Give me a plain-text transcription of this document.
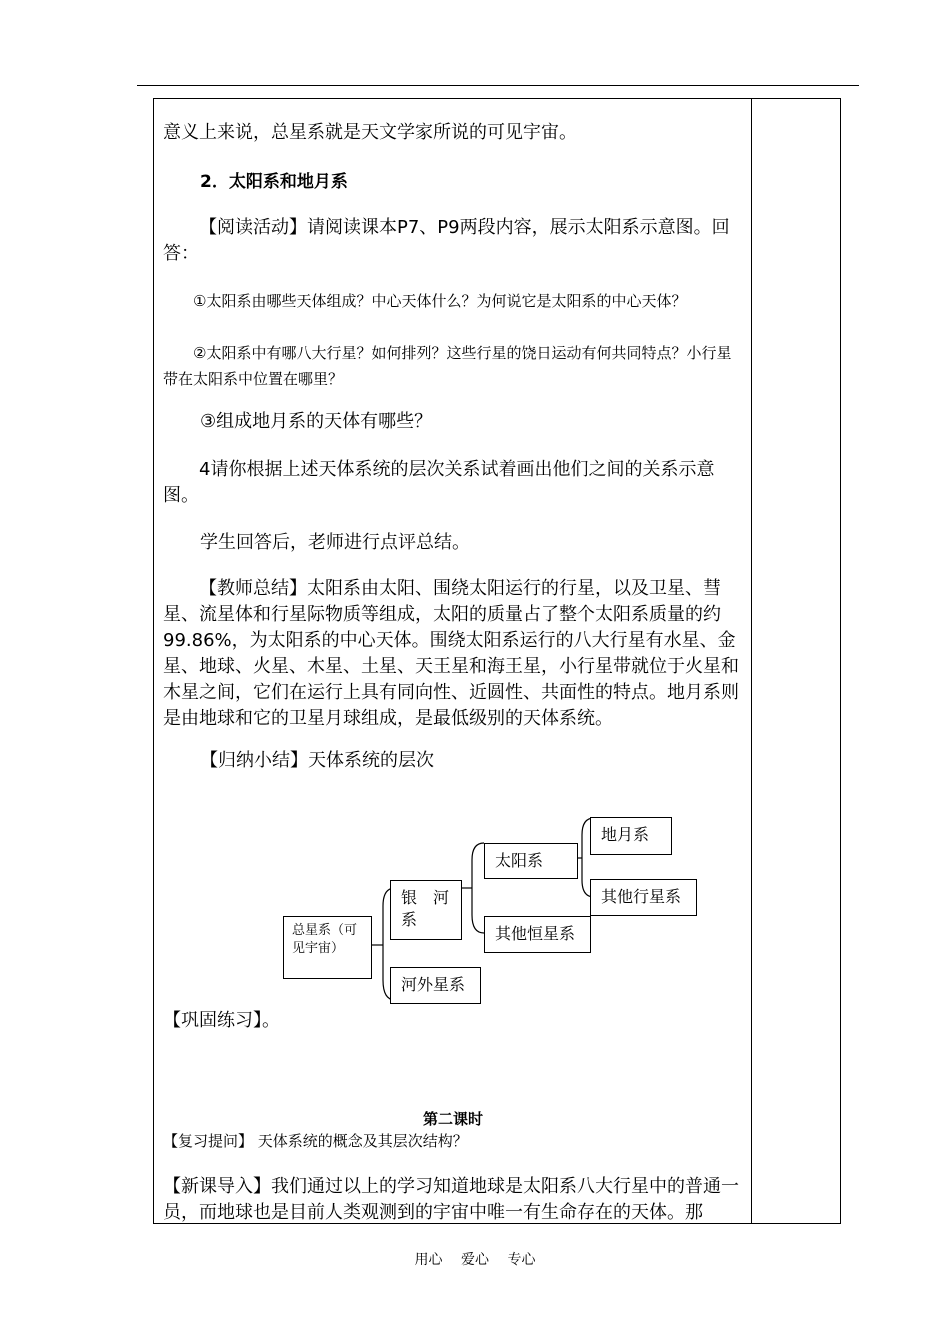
意义上来说，总星系就是天文学家所说的可见宇宙。
2．太阳系和地月系
【阅读活动】请阅读课本P7、P9两段内容，展示太阳系示意图。回答：
①太阳系由哪些天体组成？中心天体什么？为何说它是太阳系的中心天体？
②太阳系中有哪八大行星？如何排列？这些行星的饶日运动有何共同特点？小行星带在太阳系中位置在哪里？
③组成地月系的天体有哪些？
4请你根据上述天体系统的层次关系试着画出他们之间的关系示意图。
学生回答后，老师进行点评总结。
【教师总结】太阳系由太阳、围绕太阳运行的行星，以及卫星、彗星、流星体和行星际物质等组成，太阳的质量占了整个太阳系质量的约99.86%，为太阳系的中心天体。围绕太阳系运行的八大行星有水星、金星、地球、火星、木星、土星、天王星和海王星，小行星带就位于火星和木星之间，它们在运行上具有同向性、近圆性、共面性的特点。地月系则是由地球和它的卫星月球组成，是最低级别的天体系统。
【归纳小结】天体系统的层次
总星系（可见宇宙）
银　河系
河外星系
太阳系
其他恒星系
地月系
其他行星系
【巩固练习】。
第二课时
【复习提问】 天体系统的概念及其层次结构？
【新课导入】我们通过以上的学习知道地球是太阳系八大行星中的普通一员，而地球也是目前人类观测到的宇宙中唯一有生命存在的天体。那
用心 爱心 专心
